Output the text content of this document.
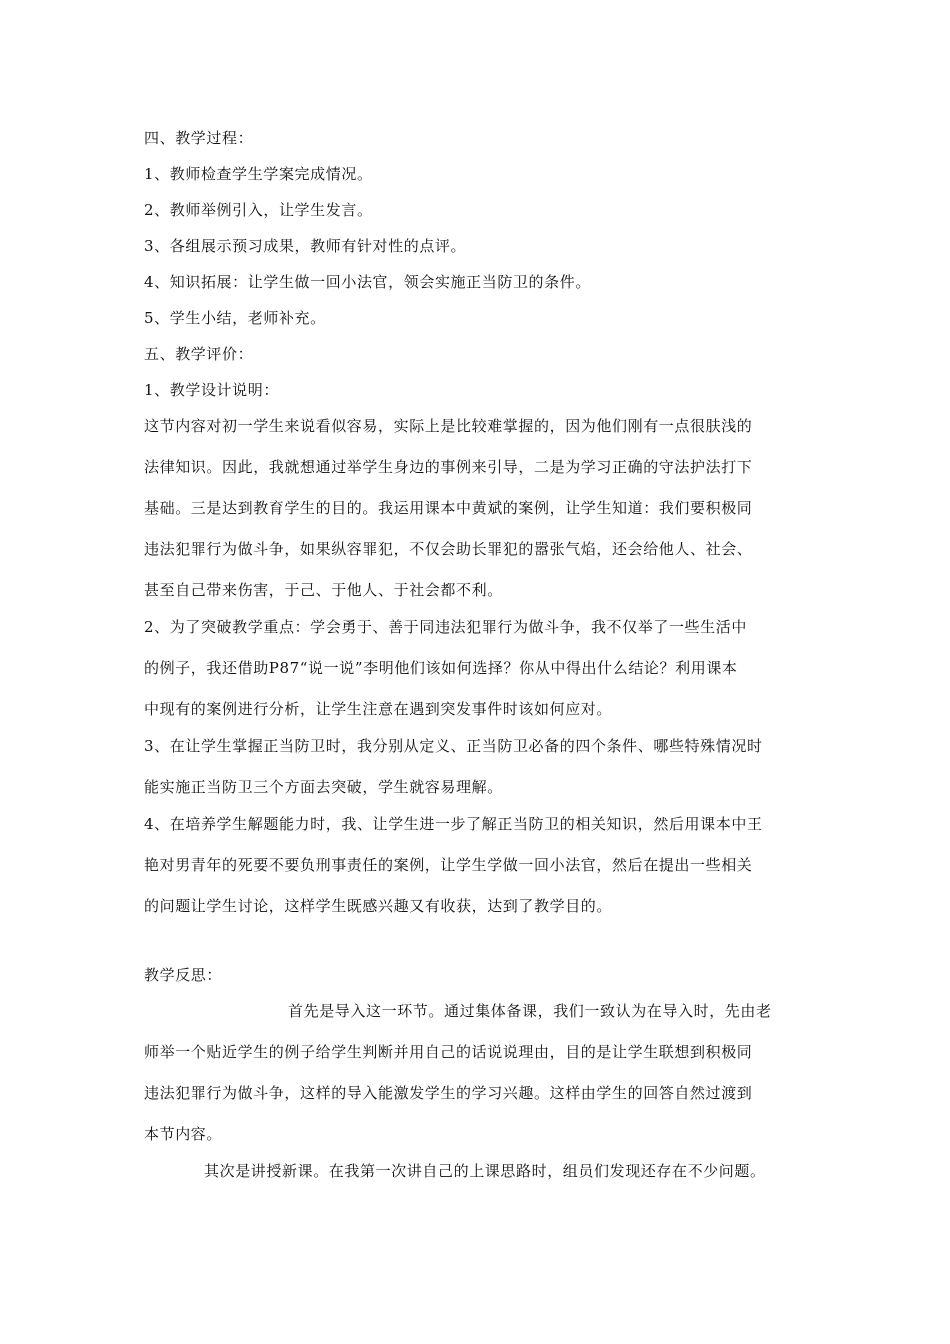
四、教学过程：
1、教师检查学生学案完成情况。
2、教师举例引入，让学生发言。
3、各组展示预习成果，教师有针对性的点评。
4、知识拓展：让学生做一回小法官，领会实施正当防卫的条件。
5、学生小结，老师补充。
五、教学评价：
1、教学设计说明：
这节内容对初一学生来说看似容易，实际上是比较难掌握的，因为他们刚有一点很肤浅的
法律知识。因此，我就想通过举学生身边的事例来引导，二是为学习正确的守法护法打下
基础。三是达到教育学生的目的。我运用课本中黄斌的案例，让学生知道：我们要积极同
违法犯罪行为做斗争，如果纵容罪犯，不仅会助长罪犯的嚣张气焰，还会给他人、社会、
甚至自己带来伤害，于己、于他人、于社会都不利。
2、为了突破教学重点：学会勇于、善于同违法犯罪行为做斗争，我不仅举了一些生活中
的例子，我还借助P87“说一说”李明他们该如何选择？你从中得出什么结论？利用课本
中现有的案例进行分析，让学生注意在遇到突发事件时该如何应对。
3、在让学生掌握正当防卫时，我分别从定义、正当防卫必备的四个条件、哪些特殊情况时
能实施正当防卫三个方面去突破，学生就容易理解。
4、在培养学生解题能力时，我、让学生进一步了解正当防卫的相关知识，然后用课本中王
艳对男青年的死要不要负刑事责任的案例，让学生学做一回小法官，然后在提出一些相关
的问题让学生讨论，这样学生既感兴趣又有收获，达到了教学目的。
教学反思：
首先是导入这一环节。通过集体备课，我们一致认为在导入时，先由老
师举一个贴近学生的例子给学生判断并用自己的话说说理由，目的是让学生联想到积极同
违法犯罪行为做斗争，这样的导入能激发学生的学习兴趣。这样由学生的回答自然过渡到
本节内容。
其次是讲授新课。在我第一次讲自己的上课思路时，组员们发现还存在不少问题。
